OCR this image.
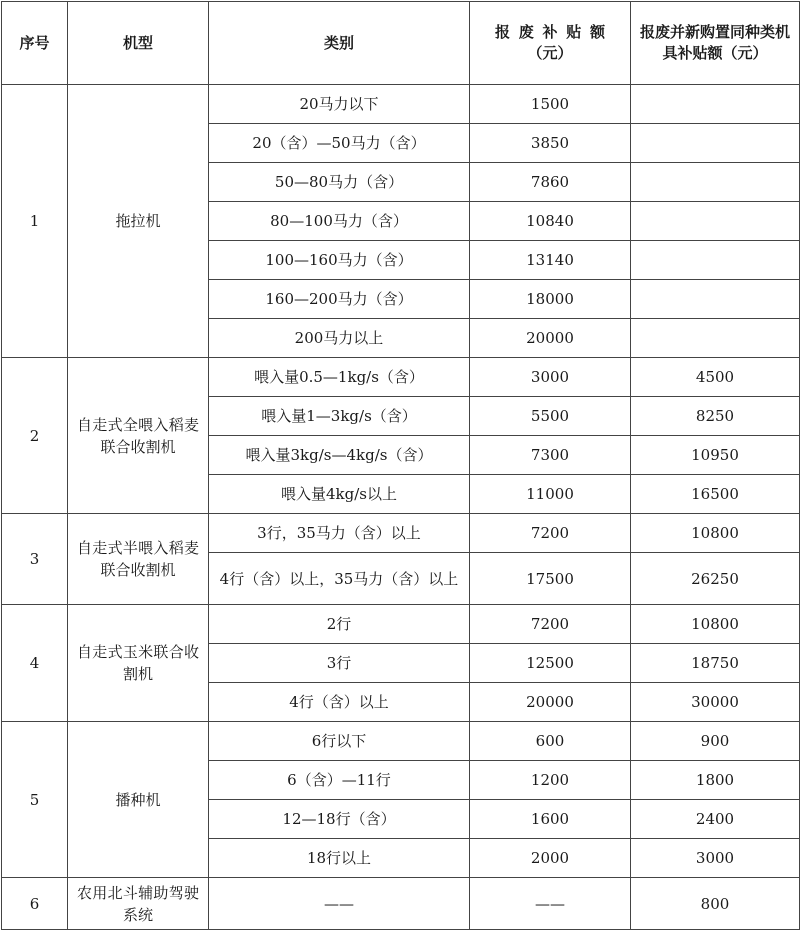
序号	机型	类别	报废补贴额（元）	报废并新购置同种类机具补贴额（元）
1	拖拉机	20马力以下	1500	
		20（含）—50马力（含）	3850	
		50—80马力（含）	7860	
		80—100马力（含）	10840	
		100—160马力（含）	13140	
		160—200马力（含）	18000	
		200马力以上	20000	
2	自走式全喂入稻麦联合收割机	喂入量0.5—1kg/s（含）	3000	4500
		喂入量1—3kg/s（含）	5500	8250
		喂入量3kg/s—4kg/s（含）	7300	10950
		喂入量4kg/s以上	11000	16500
3	自走式半喂入稻麦联合收割机	3行，35马力（含）以上	7200	10800
		4行（含）以上，35马力（含）以上	17500	26250
4	自走式玉米联合收割机	2行	7200	10800
		3行	12500	18750
		4行（含）以上	20000	30000
5	播种机	6行以下	600	900
		6（含）—11行	1200	1800
		12—18行（含）	1600	2400
		18行以上	2000	3000
6	农用北斗辅助驾驶系统	——	——	800
